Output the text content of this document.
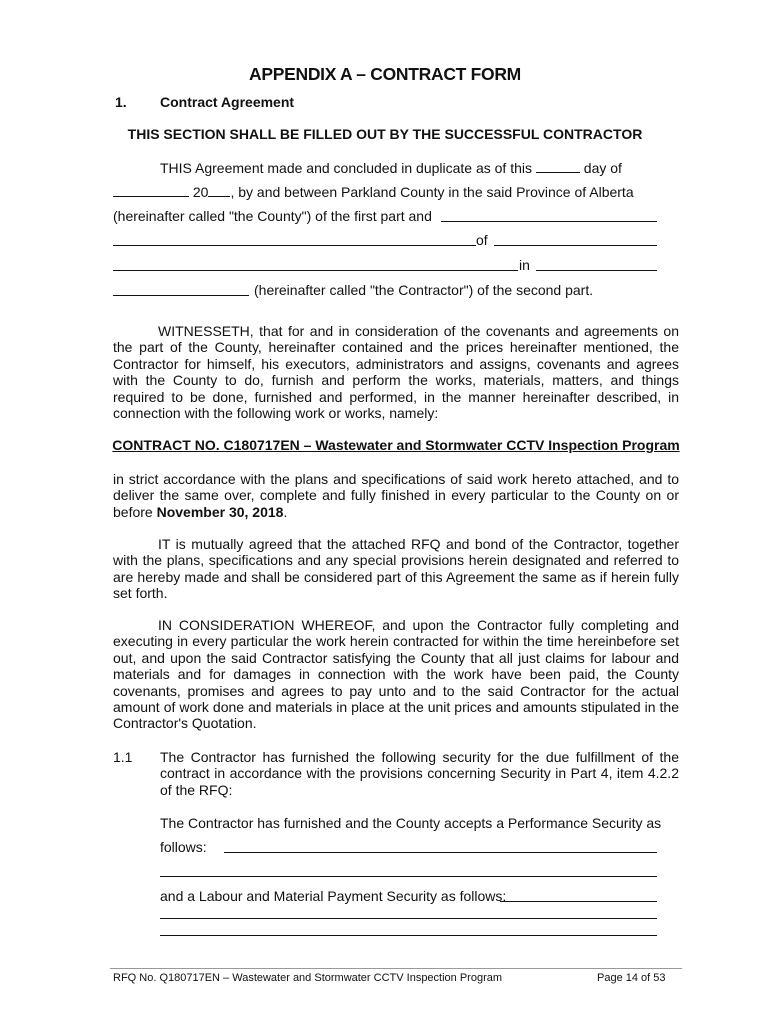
APPENDIX A – CONTRACT FORM
1. Contract Agreement
THIS SECTION SHALL BE FILLED OUT BY THE SUCCESSFUL CONTRACTOR
THIS Agreement made and concluded in duplicate as of this	day of
20 , by and between Parkland County in the said Province of Alberta
(hereinafter called "the County") of the first part and
of
in
(hereinafter called "the Contractor") of the second part.
WITNESSETH, that for and in consideration of the covenants and agreements on the part of the County, hereinafter contained and the prices hereinafter mentioned, the Contractor for himself, his executors, administrators and assigns, covenants and agrees with the County to do, furnish and perform the works, materials, matters, and things required to be done, furnished and performed, in the manner hereinafter described, in connection with the following work or works, namely:
CONTRACT NO. C180717EN – Wastewater and Stormwater CCTV Inspection Program
in strict accordance with the plans and specifications of said work hereto attached, and to deliver the same over, complete and fully finished in every particular to the County on or before November 30, 2018.
IT is mutually agreed that the attached RFQ and bond of the Contractor, together with the plans, specifications and any special provisions herein designated and referred to are hereby made and shall be considered part of this Agreement the same as if herein fully set forth.
IN CONSIDERATION WHEREOF, and upon the Contractor fully completing and executing in every particular the work herein contracted for within the time hereinbefore set out, and upon the said Contractor satisfying the County that all just claims for labour and materials and for damages in connection with the work have been paid, the County covenants, promises and agrees to pay unto and to the said Contractor for the actual amount of work done and materials in place at the unit prices and amounts stipulated in the Contractor's Quotation.
1.1 The Contractor has furnished the following security for the due fulfillment of the contract in accordance with the provisions concerning Security in Part 4, item 4.2.2 of the RFQ:
The Contractor has furnished and the County accepts a Performance Security as
follows:
and a Labour and Material Payment Security as follows:
RFQ No. Q180717EN – Wastewater and Stormwater CCTV Inspection Program	Page 14 of 53
